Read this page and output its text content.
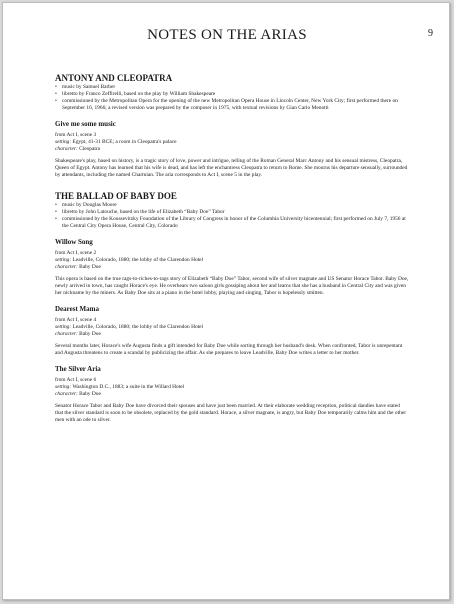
NOTES ON THE ARIAS	9
ANTONY AND CLEOPATRA
• music by Samuel Barber
• libretto by Franco Zeffirelli, based on the play by William Shakespeare
• commissioned by the Metropolitan Opera for the opening of the new Metropolitan Opera House in Lincoln Center, New York City; first performed there on September 16, 1966; a revised version was prepared by the composer in 1975, with textual revisions by Gian Carlo Menotti
Give me some music
from Act I, scene 3
setting: Egypt, 41-31 BCE; a room in Cleopatra's palace
character: Cleopatra

Shakespeare's play, based on history, is a tragic story of love, power and intrigue, telling of the Roman General Marc Antony and his sensual mistress, Cleopatra, Queen of Egypt. Antony has learned that his wife is dead, and has left the enchantress Cleopatra to return to Rome. She mourns his departure sensually, surrounded by attendants, including the named Charmian. The aria corresponds to Act I, scene 5 in the play.

THE BALLAD OF BABY DOE
• music by Douglas Moore
• libretto by John Latouche, based on the life of Elizabeth “Baby Doe” Tabor
• commissioned by the Koussevitzky Foundation of the Library of Congress in honor of the Columbia University bicentennial; first performed on July 7, 1956 at the Central City Opera House, Central City, Colorado
Willow Song
from Act I, scene 2
setting: Leadville, Colorado, 1880; the lobby of the Clarendon Hotel
character: Baby Doe

This opera is based on the true rags-to-riches-to-rags story of Elizabeth “Baby Doe” Tabor, second wife of silver magnate and US Senator Horace Tabor. Baby Doe, newly arrived in town, has caught Horace's eye. He overhears two saloon girls gossiping about her and learns that she has a husband in Central City and was given her nickname by the miners. As Baby Doe sits at a piano in the hotel lobby, playing and singing, Tabor is hopelessly smitten.

Dearest Mama
from Act I, scene 4
setting: Leadville, Colorado, 1880; the lobby of the Clarendon Hotel
character: Baby Doe

Several months later, Horace's wife Augusta finds a gift intended for Baby Doe while sorting through her husband's desk. When confronted, Tabor is unrepentant and Augusta threatens to create a scandal by publicizing the affair. As she prepares to leave Leadville, Baby Doe writes a letter to her mother.

The Silver Aria
from Act I, scene 6
setting: Washington D.C., 1883; a suite in the Willard Hotel
character: Baby Doe

Senator Horace Tabor and Baby Doe have divorced their spouses and have just been married. At their elaborate wedding reception, political dandies have stated that the silver standard is soon to be obsolete, replaced by the gold standard. Horace, a silver magnate, is angry, but Baby Doe temporarily calms him and the other men with an ode to silver.
